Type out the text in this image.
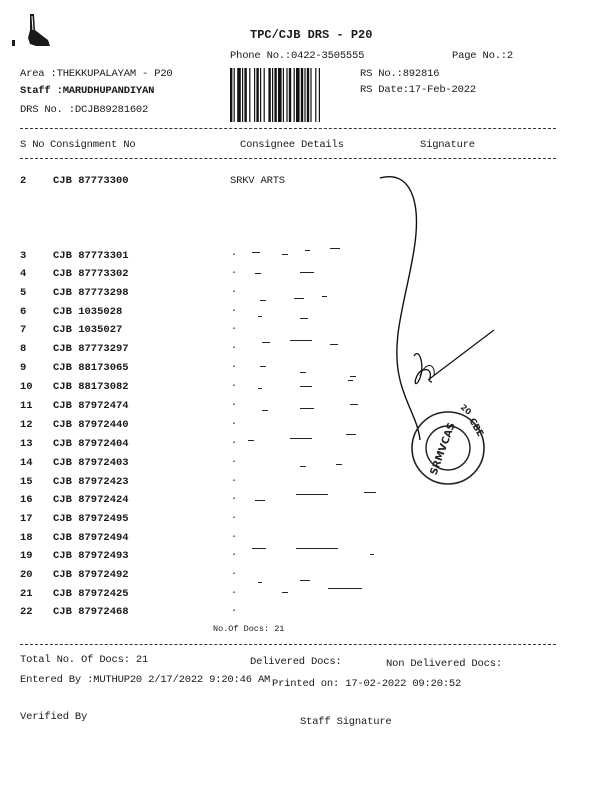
TPC/CJB DRS - P20
Phone No.:0422-3505555	Page No.:2
Area :THEKKUPALAYAM - P20
Staff :MARUDHUPANDIYAN
DRS No. :DCJB89281602
RS No.:892816
RS Date:17-Feb-2022
S No Consignment No	Consignee Details	Signature
2	CJB 87773300	SRKV ARTS
3	CJB 87773301	.
4	CJB 87773302	.
5	CJB 87773298	.
6	CJB 1035028	.
7	CJB 1035027	.
8	CJB 87773297	.
9	CJB 88173065	.
10 CJB 88173082	.
11 CJB 87972474	.
12 CJB 87972440	.
13 CJB 87972404	.
14 CJB 87972403	.
15 CJB 87972423	.
16 CJB 87972424	.
17 CJB 87972495	.
18 CJB 87972494	.
19 CJB 87972493	.
20 CJB 87972492	.
21 CJB 87972425	.
22 CJB 87972468	.
SRMVCAS CBE
20
No.Of Docs: 21
Total No. Of Docs: 21	Delivered Docs:	Non Delivered Docs:
Entered By :MUTHUP20 2/17/2022 9:20:46 AM Printed on: 17-02-2022 09:20:52
Verified By	Staff Signature
